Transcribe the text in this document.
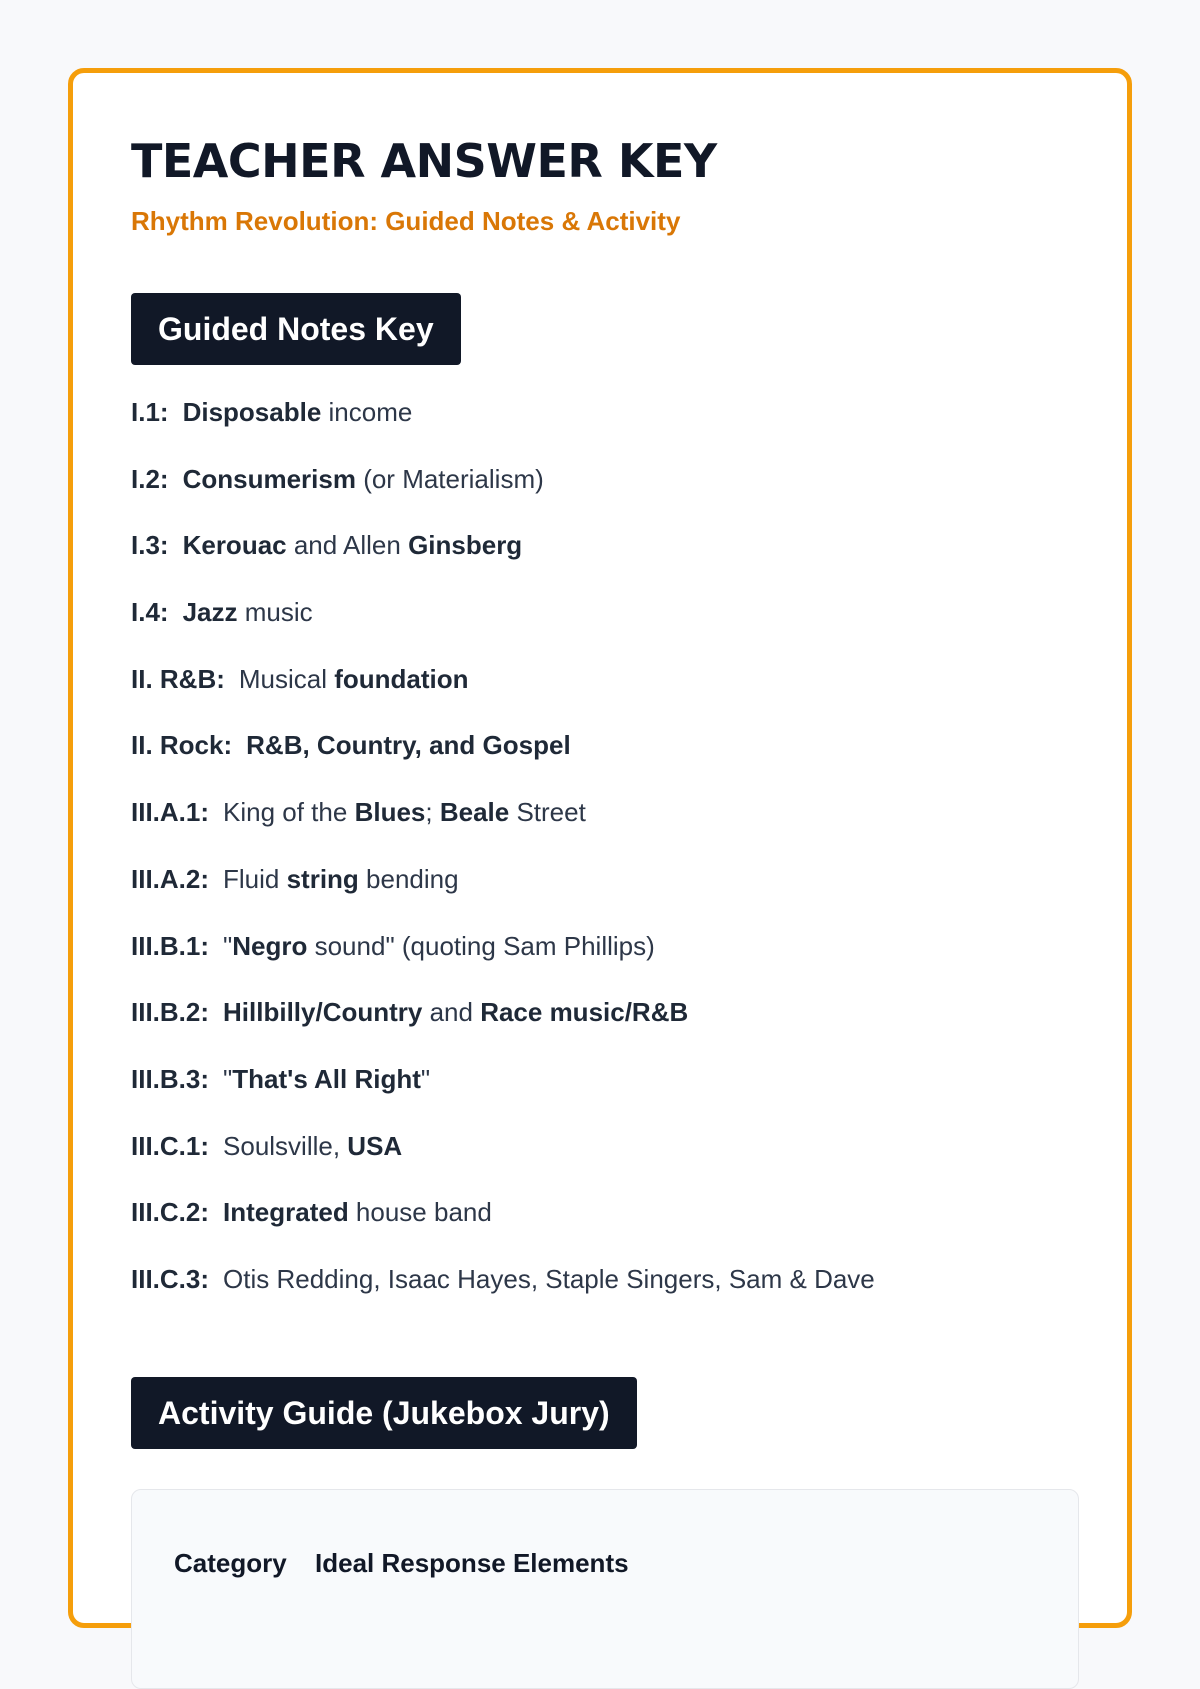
TEACHER ANSWER KEY
Rhythm Revolution: Guided Notes & Activity
Guided Notes Key
I.1: Disposable income
I.2: Consumerism (or Materialism)
I.3: Kerouac and Allen Ginsberg
I.4: Jazz music
II. R&B: Musical foundation
II. Rock: R&B, Country, and Gospel
III.A.1: King of the Blues; Beale Street
III.A.2: Fluid string bending
III.B.1: "Negro sound" (quoting Sam Phillips)
III.B.2: Hillbilly/Country and Race music/R&B
III.B.3: "That's All Right"
III.C.1: Soulsville, USA
III.C.2: Integrated house band
III.C.3: Otis Redding, Isaac Hayes, Staple Singers, Sam & Dave
Activity Guide (Jukebox Jury)
Category Ideal Response Elements
